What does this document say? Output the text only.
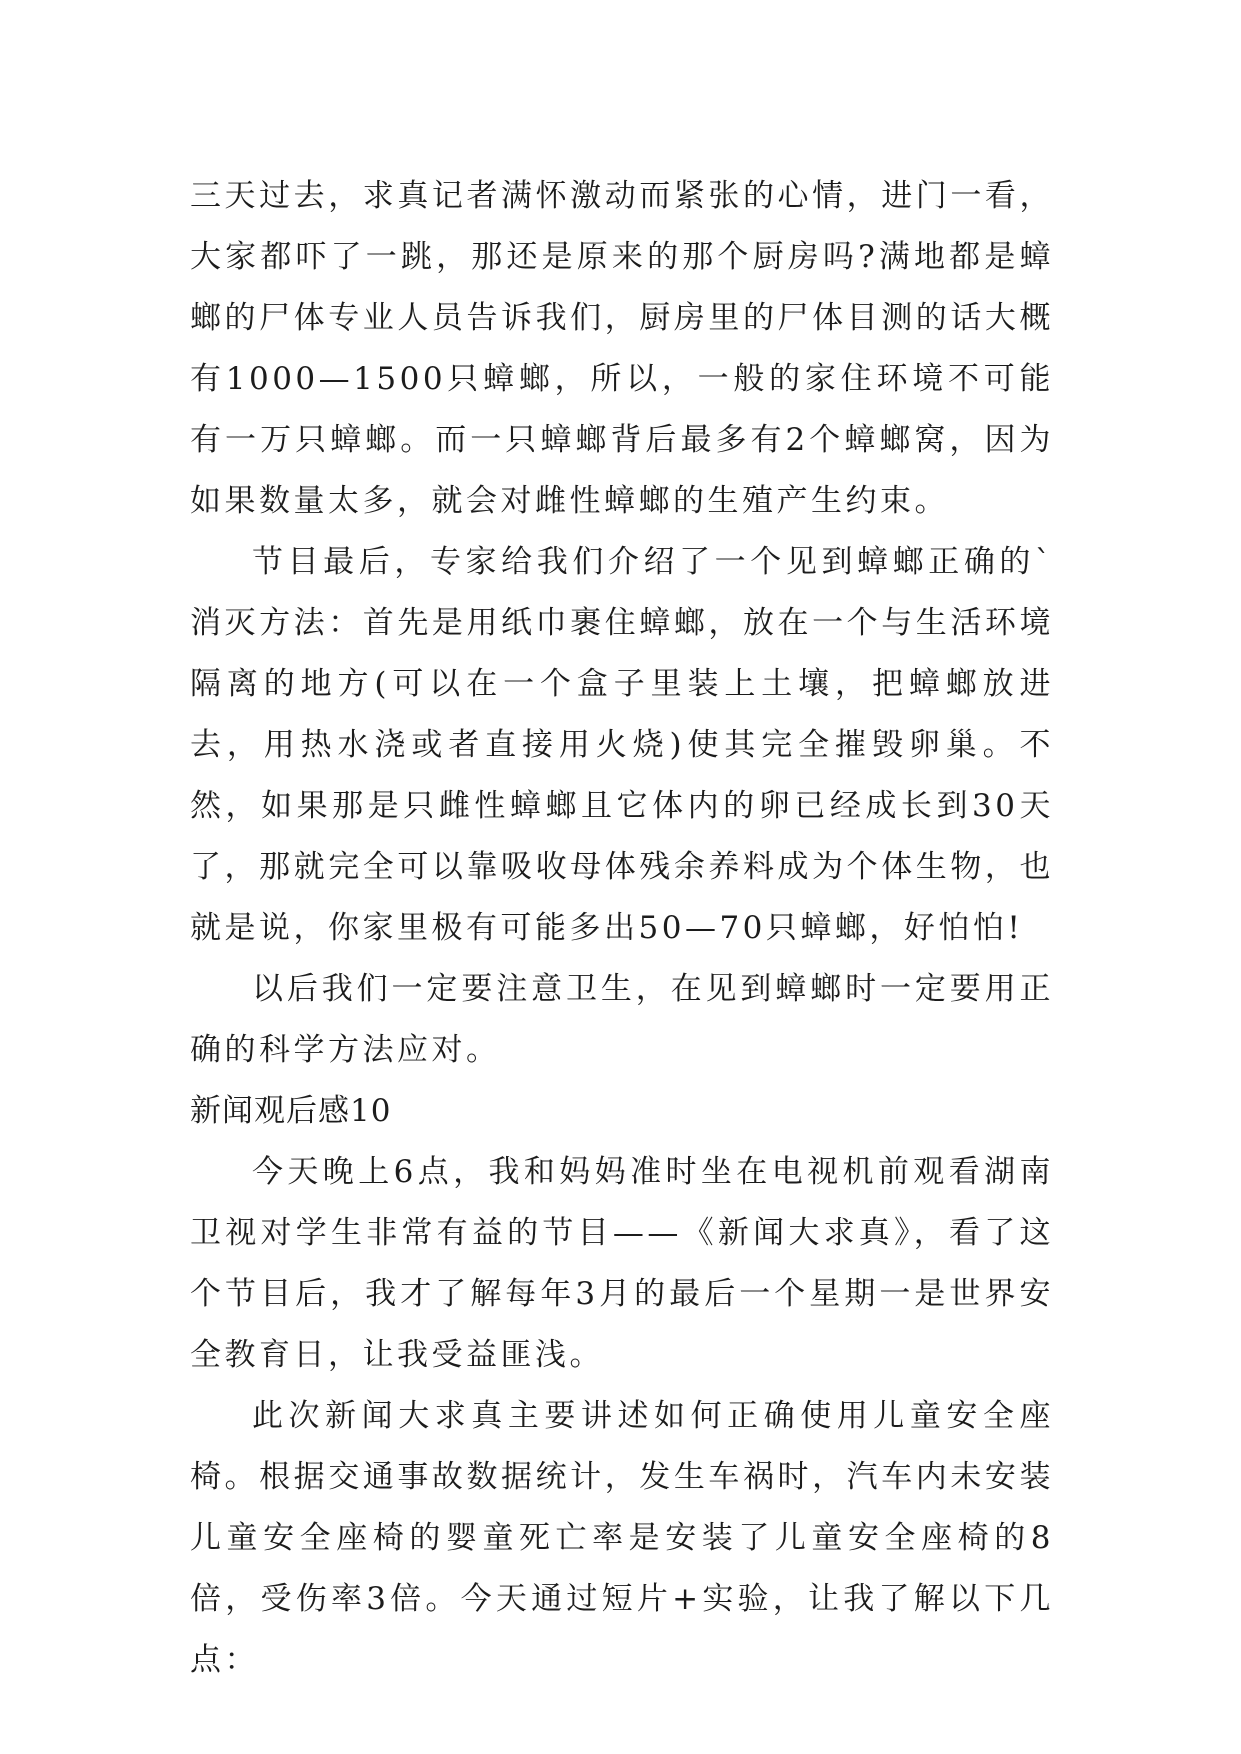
三天过去，求真记者满怀激动而紧张的心情，进门一看，大家都吓了一跳，那还是原来的那个厨房吗?满地都是蟑螂的尸体专业人员告诉我们，厨房里的尸体目测的话大概有1000—1500只蟑螂，所以，一般的家住环境不可能有一万只蟑螂。而一只蟑螂背后最多有2个蟑螂窝，因为如果数量太多，就会对雌性蟑螂的生殖产生约束。

节目最后，专家给我们介绍了一个见到蟑螂正确的`消灭方法：首先是用纸巾裹住蟑螂，放在一个与生活环境隔离的地方(可以在一个盒子里装上土壤，把蟑螂放进去，用热水浇或者直接用火烧)使其完全摧毁卵巢。不然，如果那是只雌性蟑螂且它体内的卵已经成长到30天了，那就完全可以靠吸收母体残余养料成为个体生物，也就是说，你家里极有可能多出50—70只蟑螂，好怕怕!

以后我们一定要注意卫生，在见到蟑螂时一定要用正确的科学方法应对。

新闻观后感10

今天晚上6点，我和妈妈准时坐在电视机前观看湖南卫视对学生非常有益的节目——《新闻大求真》，看了这个节目后，我才了解每年3月的最后一个星期一是世界安全教育日，让我受益匪浅。

此次新闻大求真主要讲述如何正确使用儿童安全座椅。根据交通事故数据统计，发生车祸时，汽车内未安装儿童安全座椅的婴童死亡率是安装了儿童安全座椅的8倍，受伤率3倍。今天通过短片+实验，让我了解以下几点：
